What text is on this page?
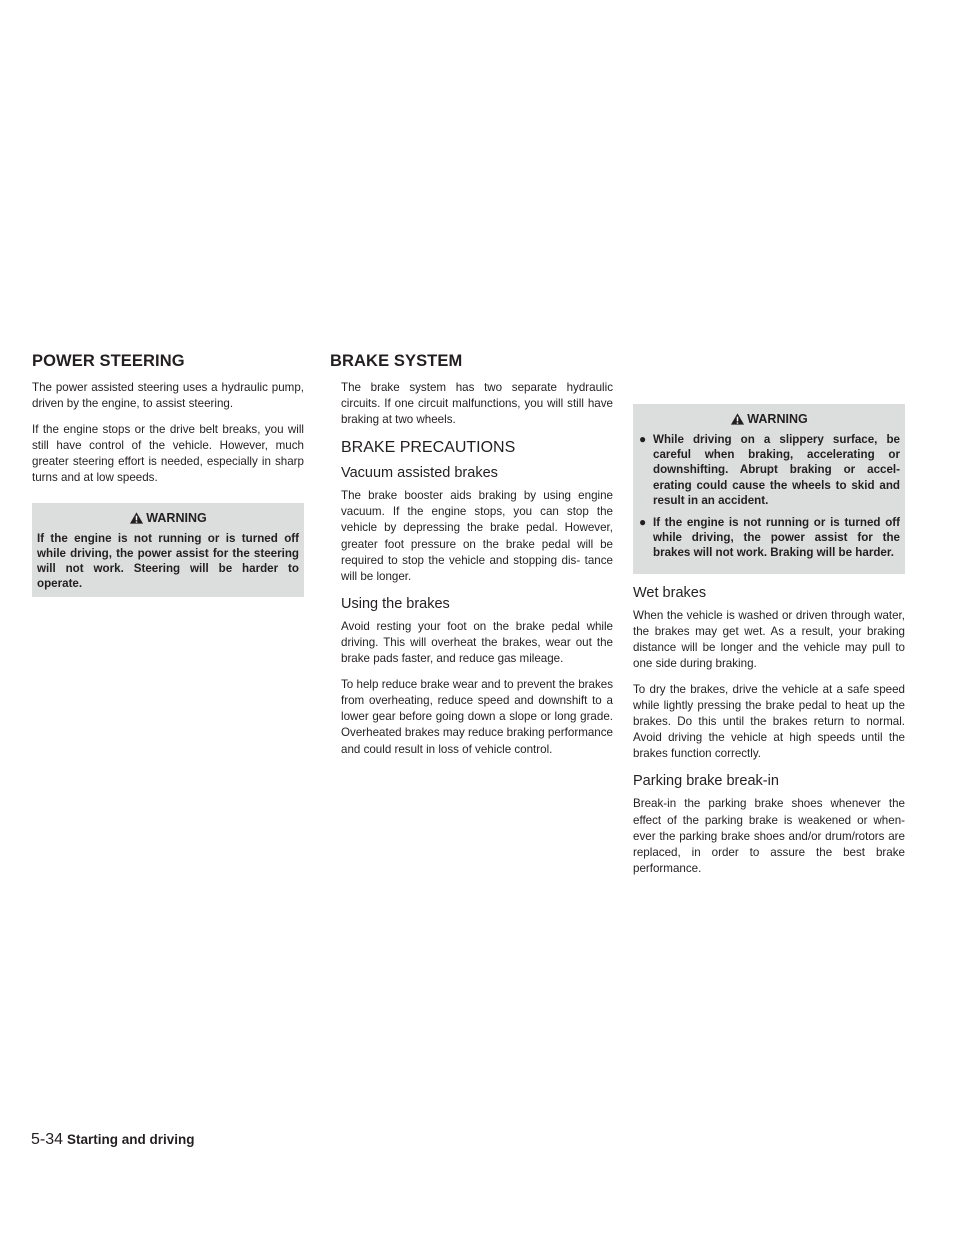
POWER STEERING	BRAKE SYSTEM

The power assisted steering uses a hydraulic pump, driven by the engine, to assist steering.

If the engine stops or the drive belt breaks, you will still have control of the vehicle. However, much greater steering effort is needed, especially in sharp turns and at low speeds.

WARNING
If the engine is not running or is turned off while driving, the power assist for the steering will not work. Steering will be harder to operate.

The brake system has two separate hydraulic circuits. If one circuit malfunctions, you will still have braking at two wheels.

BRAKE PRECAUTIONS
Vacuum assisted brakes

The brake booster aids braking by using engine vacuum. If the engine stops, you can stop the vehicle by depressing the brake pedal. However, greater foot pressure on the brake pedal will be required to stop the vehicle and stopping dis- tance will be longer.

Using the brakes

Avoid resting your foot on the brake pedal while driving. This will overheat the brakes, wear out the brake pads faster, and reduce gas mileage.

To help reduce brake wear and to prevent the brakes from overheating, reduce speed and downshift to a lower gear before going down a slope or long grade. Overheated brakes may reduce braking performance and could result in loss of vehicle control.

WARNING
● While driving on a slippery surface, be careful when braking, accelerating or downshifting. Abrupt braking or accel- erating could cause the wheels to skid and result in an accident.
● If the engine is not running or is turned off while driving, the power assist for the brakes will not work. Braking will be harder.
Wet brakes

When the vehicle is washed or driven through water, the brakes may get wet. As a result, your braking distance will be longer and the vehicle may pull to one side during braking.

To dry the brakes, drive the vehicle at a safe speed while lightly pressing the brake pedal to heat up the brakes. Do this until the brakes return to normal. Avoid driving the vehicle at high speeds until the brakes function correctly.

Parking brake break-in

Break-in the parking brake shoes whenever the effect of the parking brake is weakened or when- ever the parking brake shoes and/or drum/rotors are replaced, in order to assure the best brake performance.

5-34 Starting and driving
